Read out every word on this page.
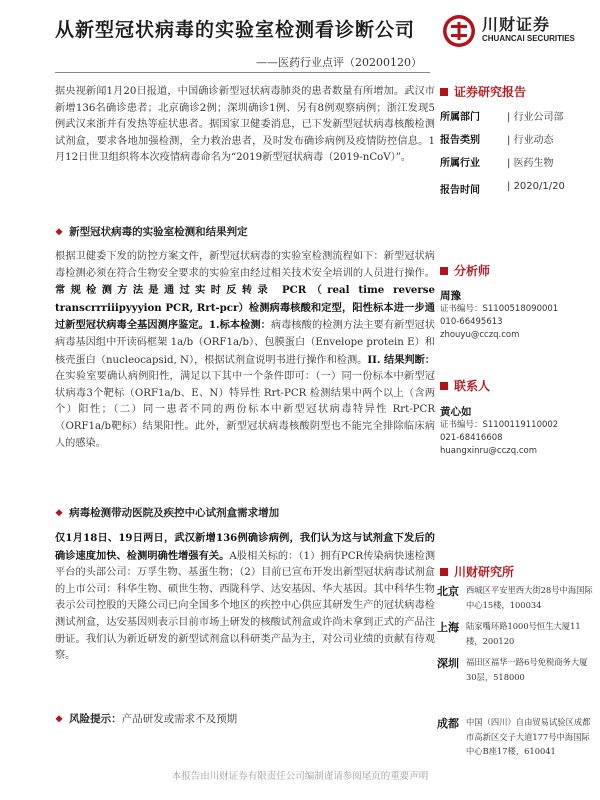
从新型冠状病毒的实验室检测看诊断公司
——医药行业点评（20200120）
川财证券
CHUANCAI SECURITIES
据央视新闻1月20日报道，中国确诊新型冠状病毒肺炎的患者数量有所增加。武汉市新增136名确诊患者；北京确诊2例；深圳确诊1例、另有8例观察病例；浙江发现5例武汉来浙并有发热等症状患者。据国家卫健委消息，已下发新型冠状病毒核酸检测试剂盒，要求各地加强检测，全力救治患者，及时发布确诊病例及疫情防控信息。1月12日世卫组织将本次疫情病毒命名为“2019新型冠状病毒（2019-nCoV）”。
❖ 新型冠状病毒的实验室检测和结果判定
根据卫健委下发的防控方案文件，新型冠状病毒的实验室检测流程如下：新型冠状病毒检测必须在符合生物安全要求的实验室由经过相关技术安全培训的人员进行操作。常规检测方法是通过实时反转录 PCR（real time reverse transcrrriiipyyyion PCR, Rrt-pcr）检测病毒核酸和定型，阳性标本进一步通过新型冠状病毒全基因测序鉴定。1.标本检测：病毒核酸的检测方法主要有新型冠状病毒基因组中开读码框架 1a/b（ORF1a/b）、包膜蛋白（Envelope protein E）和核壳蛋白（nucleocapsid, N），根据试剂盒说明书进行操作和检测。II. 结果判断：在实验室要确认病例阳性，满足以下其中一个条件即可：（一）同一份标本中新型冠状病毒3个靶标（ORF1a/b、E、N）特异性 Rrt-PCR 检测结果中两个以上（含两个）阳性；（二）同一患者不同的两份标本中新型冠状病毒特异性 Rrt-PCR（ORF1a/b靶标）结果阳性。此外，新型冠状病毒核酸阴型也不能完全排除临床病人的感染。
❖ 病毒检测带动医院及疾控中心试剂盒需求增加
仅1月18日、19日两日，武汉新增136例确诊病例，我们认为这与试剂盒下发后的确诊速度加快、检测明确性增强有关。A股相关标的：（1）拥有PCR传染病快速检测平台的头部公司：万孚生物、基蛋生物；（2）目前已宣布开发出新型冠状病毒试剂盒的上市公司：科华生物、硕世生物、西陇科学、达安基因、华大基因。其中科华生物表示公司控股的天隆公司已向全国多个地区的疾控中心供应其研发生产的冠状病毒检测试剂盒，达安基因则表示目前市场上研发的核酸试剂盒或许尚未拿到正式的产品注册证。我们认为新近研发的新型试剂盒以科研类产品为主，对公司业绩的贡献有待观察。
❖ 风险提示：产品研发或需求不及预期
证券研究报告
所属部门	| 行业公司部
报告类别	| 行业动态
所属行业	| 医药生物
报告时间	| 2020/1/20
分析师
周豫
证书编号：S1100518090001
010-66495613
zhouyu@cczq.com
联系人
黄心如
证书编号：S1100119110002
021-68416608
huangxinru@cczq.com
川财研究所
北京 西城区平安里西大街28号中海国际中心15楼，100034
上海 陆家嘴环路1000号恒生大厦11楼，200120
深圳 福田区福华一路6号免税商务大厦30层，518000
成都 中国（四川）自由贸易试验区成都市高新区交子大道177号中海国际中心B座17楼，610041
本报告由川财证券有限责任公司编制谨请参阅尾页的重要声明
